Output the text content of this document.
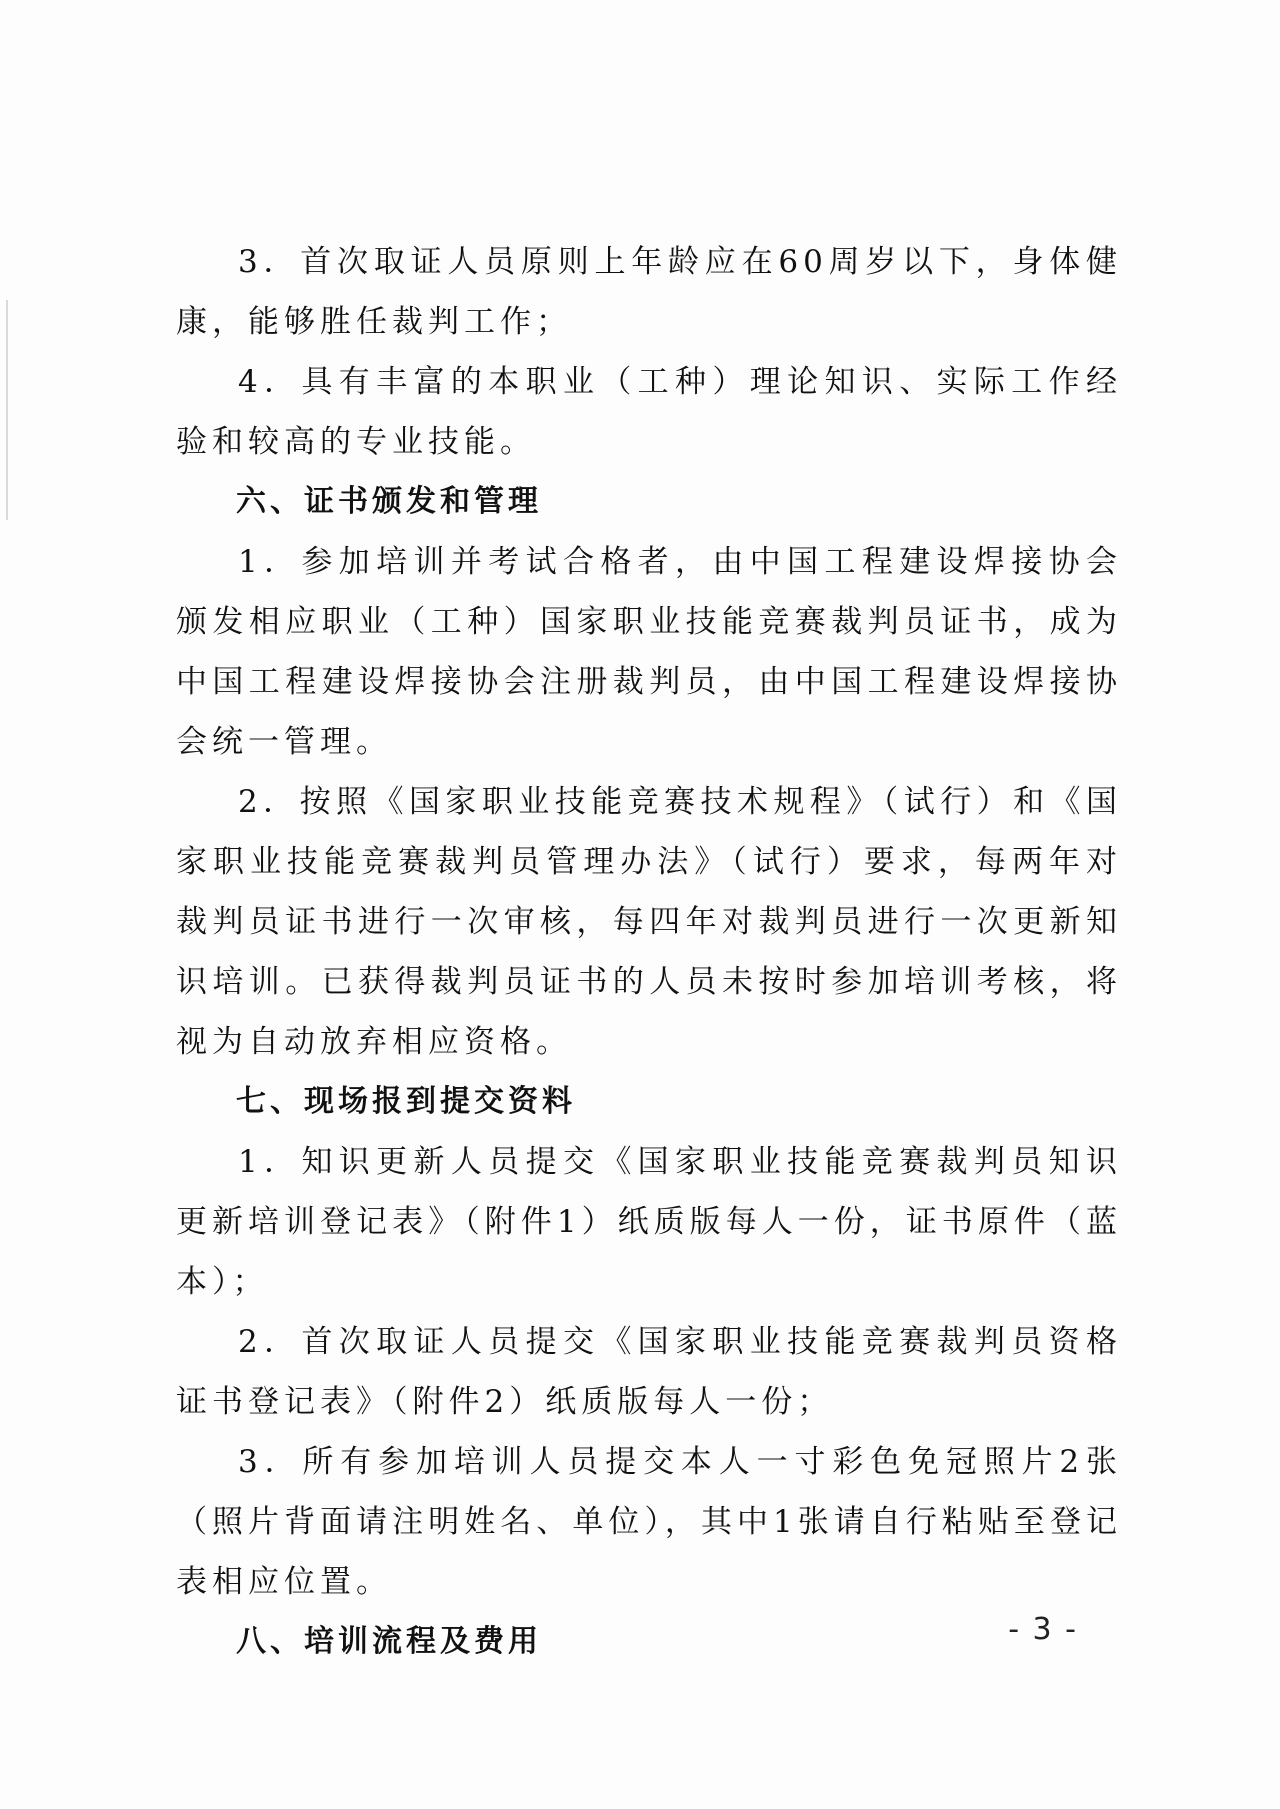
3．首次取证人员原则上年龄应在60周岁以下，身体健康，能够胜任裁判工作；

4．具有丰富的本职业（工种）理论知识、实际工作经验和较高的专业技能。

六、证书颁发和管理

1．参加培训并考试合格者，由中国工程建设焊接协会颁发相应职业（工种）国家职业技能竞赛裁判员证书，成为中国工程建设焊接协会注册裁判员，由中国工程建设焊接协会统一管理。

2．按照《国家职业技能竞赛技术规程》（试行）和《国家职业技能竞赛裁判员管理办法》（试行）要求，每两年对裁判员证书进行一次审核，每四年对裁判员进行一次更新知识培训。已获得裁判员证书的人员未按时参加培训考核，将视为自动放弃相应资格。

七、现场报到提交资料

1．知识更新人员提交《国家职业技能竞赛裁判员知识更新培训登记表》（附件1）纸质版每人一份，证书原件（蓝本）；

2．首次取证人员提交《国家职业技能竞赛裁判员资格证书登记表》（附件2）纸质版每人一份；

3．所有参加培训人员提交本人一寸彩色免冠照片2张（照片背面请注明姓名、单位），其中1张请自行粘贴至登记表相应位置。

八、培训流程及费用	- 3 -
